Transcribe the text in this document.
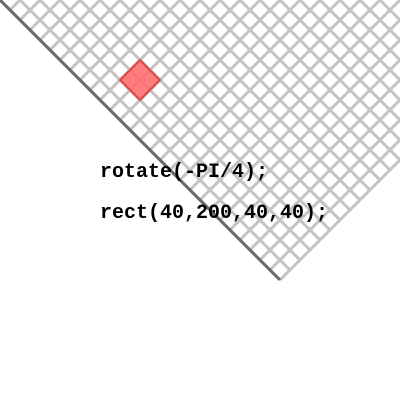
rotate(-PI/4);
rect(40,200,40,40);
